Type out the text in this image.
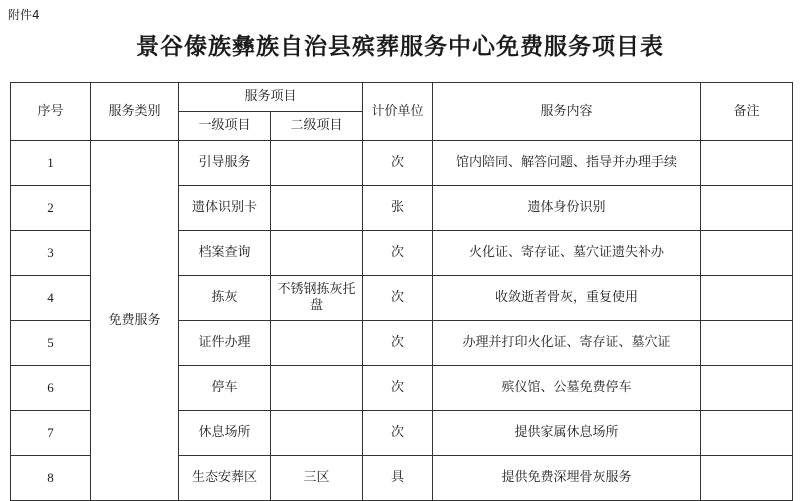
附件4
景谷傣族彝族自治县殡葬服务中心免费服务项目表
序号	服务类别	服务项目		计价单位	服务内容	备注
		一级项目	二级项目			
1	免费服务	引导服务		次	馆内陪同、解答问题、指导并办理手续	
2		遗体识别卡		张	遗体身份识别	
3		档案查询		次	火化证、寄存证、墓穴证遗失补办	
4		拣灰	不锈钢拣灰托盘	次	收敛逝者骨灰，重复使用	
5		证件办理		次	办理并打印火化证、寄存证、墓穴证	
6		停车		次	殡仪馆、公墓免费停车	
7		休息场所		次	提供家属休息场所	
8		生态安葬区	三区	具	提供免费深埋骨灰服务	
